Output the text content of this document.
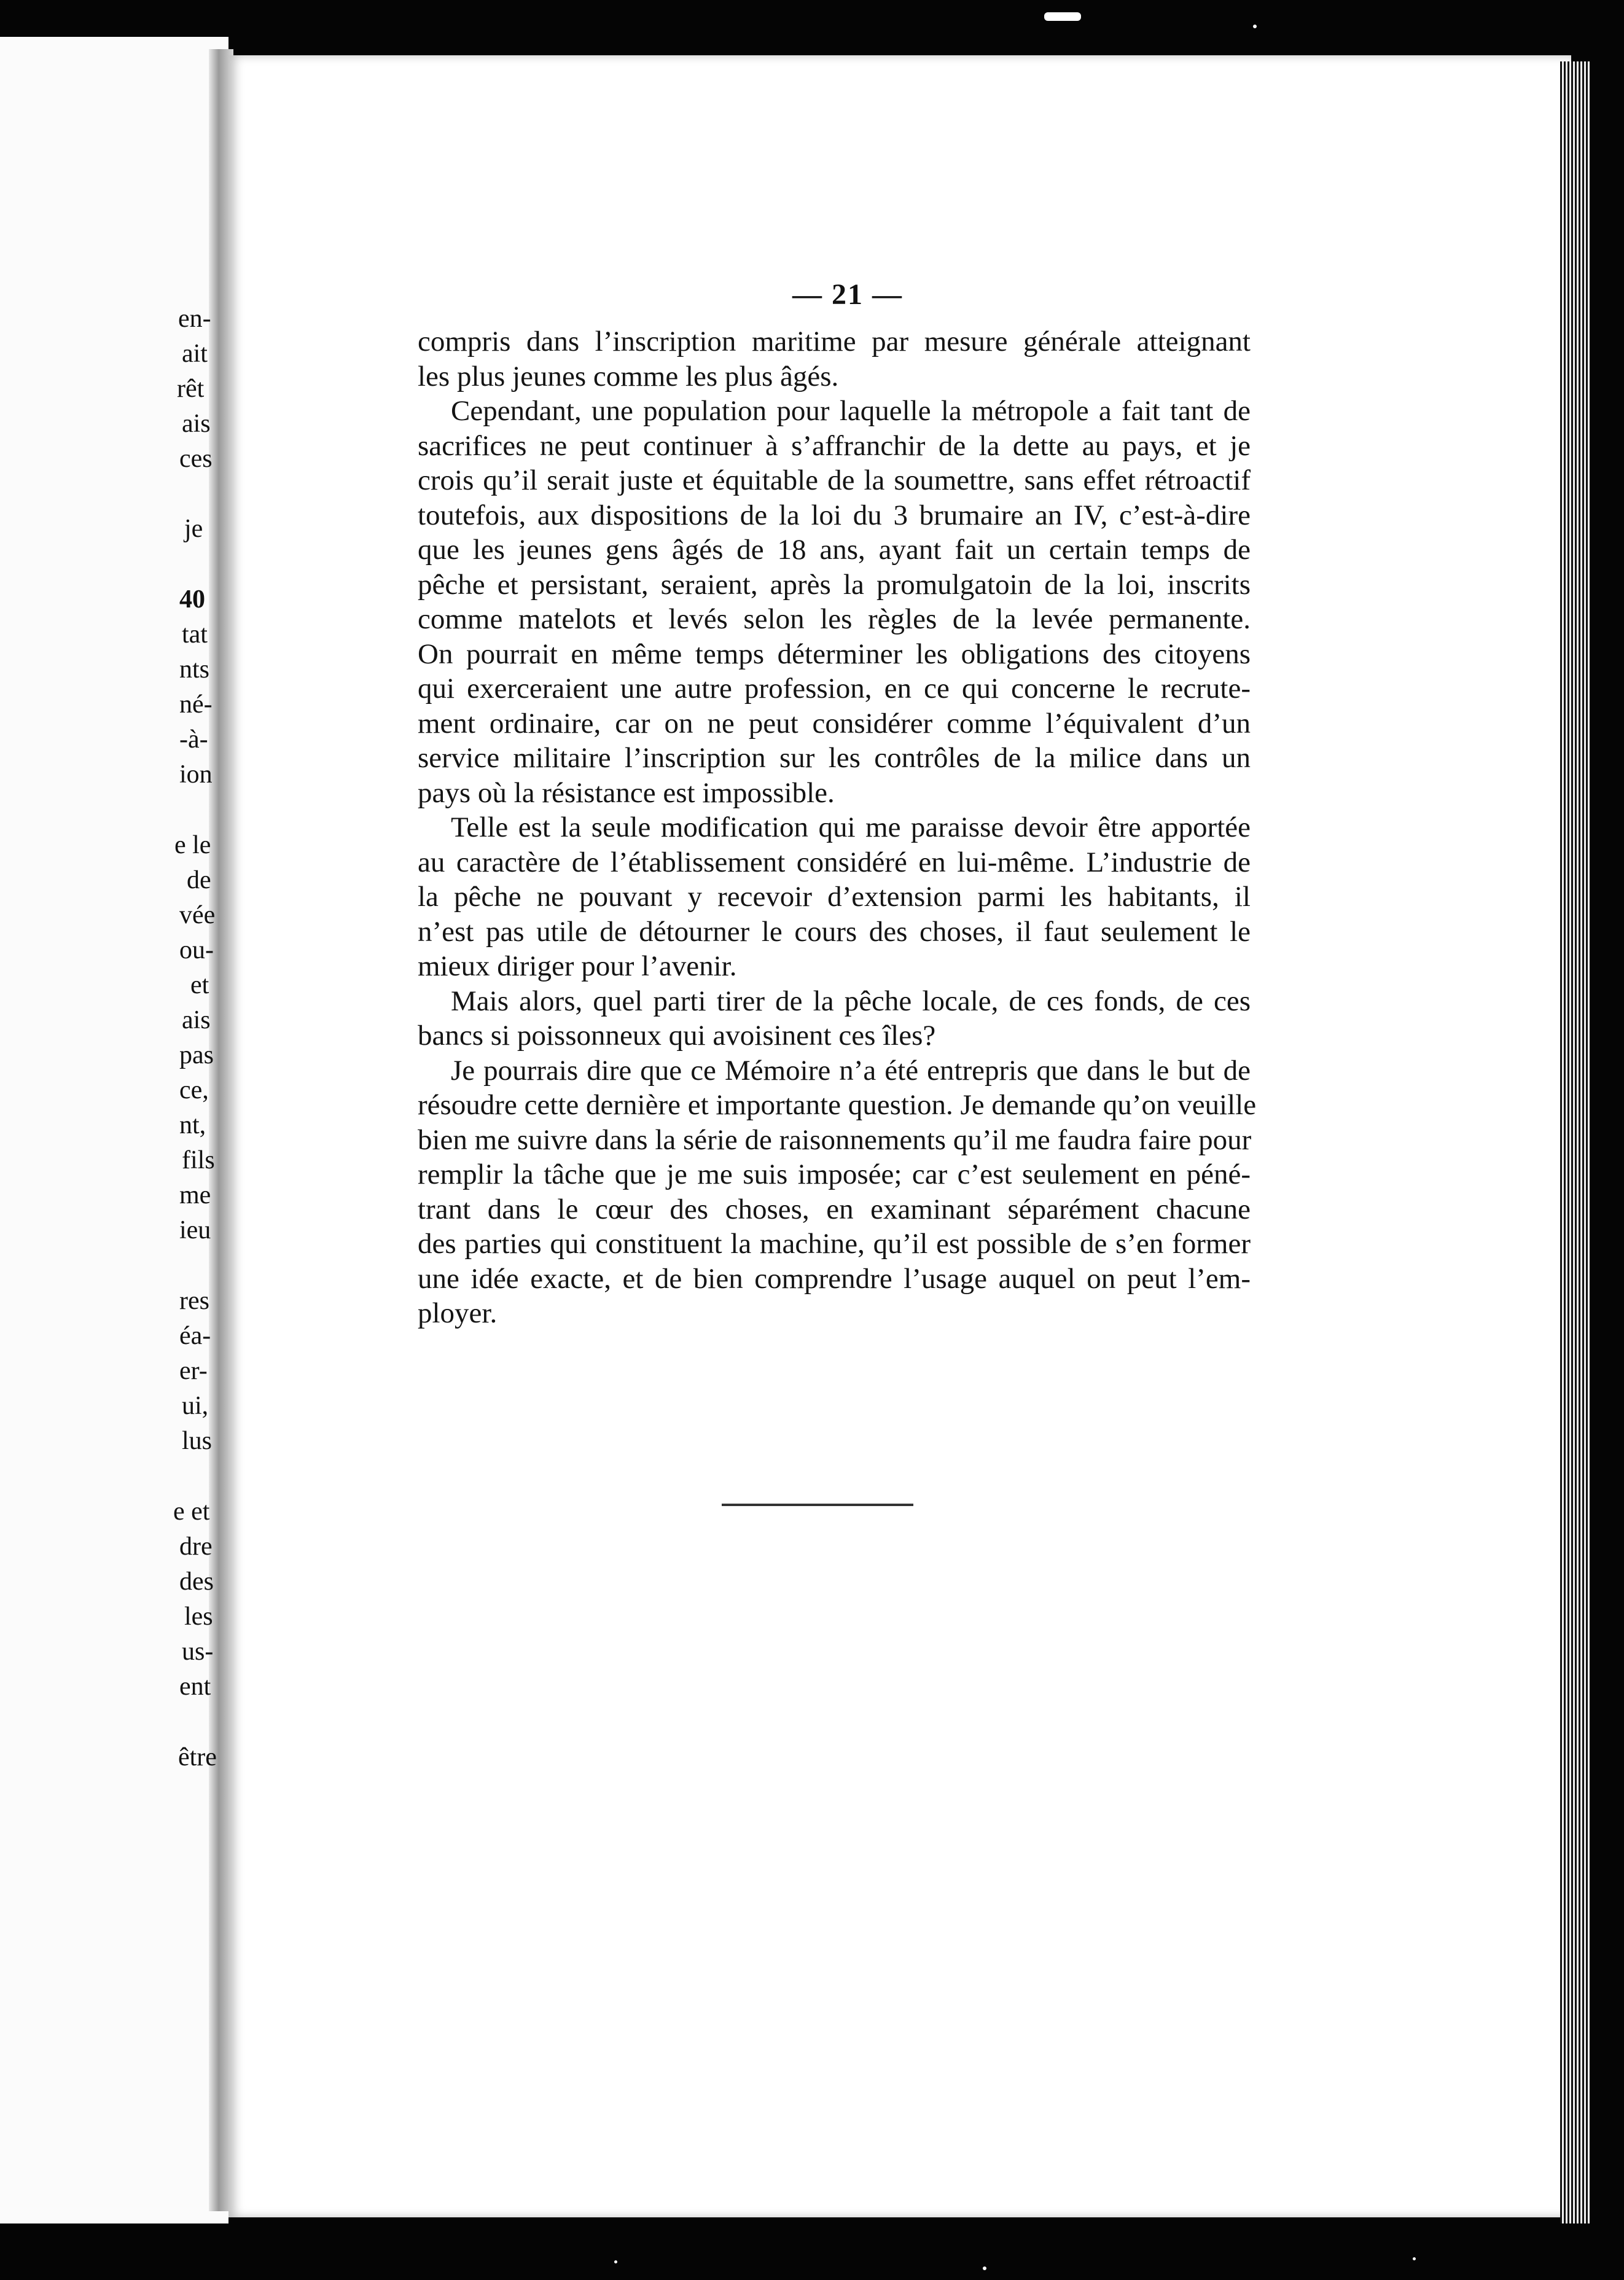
— 21 —
compris dans l’inscription maritime par mesure générale atteignant
les plus jeunes comme les plus âgés.
Cependant, une population pour laquelle la métropole a fait tant de
sacrifices ne peut continuer à s’affranchir de la dette au pays, et je
crois qu’il serait juste et équitable de la soumettre, sans effet rétroactif
toutefois, aux dispositions de la loi du 3 brumaire an IV, c’est-à-dire
que les jeunes gens âgés de 18 ans, ayant fait un certain temps de
pêche et persistant, seraient, après la promulgatoin de la loi, inscrits
comme matelots et levés selon les règles de la levée permanente.
On pourrait en même temps déterminer les obligations des citoyens
qui exerceraient une autre profession, en ce qui concerne le recrute-
ment ordinaire, car on ne peut considérer comme l’équivalent d’un
service militaire l’inscription sur les contrôles de la milice dans un
pays où la résistance est impossible.
Telle est la seule modification qui me paraisse devoir être apportée
au caractère de l’établissement considéré en lui-même. L’industrie de
la pêche ne pouvant y recevoir d’extension parmi les habitants, il
n’est pas utile de détourner le cours des choses, il faut seulement le
mieux diriger pour l’avenir.
Mais alors, quel parti tirer de la pêche locale, de ces fonds, de ces
bancs si poissonneux qui avoisinent ces îles?
Je pourrais dire que ce Mémoire n’a été entrepris que dans le but de
résoudre cette dernière et importante question. Je demande qu’on veuille
bien me suivre dans la série de raisonnements qu’il me faudra faire pour
remplir la tâche que je me suis imposée; car c’est seulement en péné-
trant dans le cœur des choses, en examinant séparément chacune
des parties qui constituent la machine, qu’il est possible de s’en former
une idée exacte, et de bien comprendre l’usage auquel on peut l’em-
ployer.
en-
ait
rêt
ais
ces
je
40
tat
nts
né-
-à-
ion
e le
de
vée
ou-
et
ais
pas
ce,
nt,
fils
me
ieu
res
éa-
er-
ui,
lus
e et
dre
des
les
us-
ent
être
